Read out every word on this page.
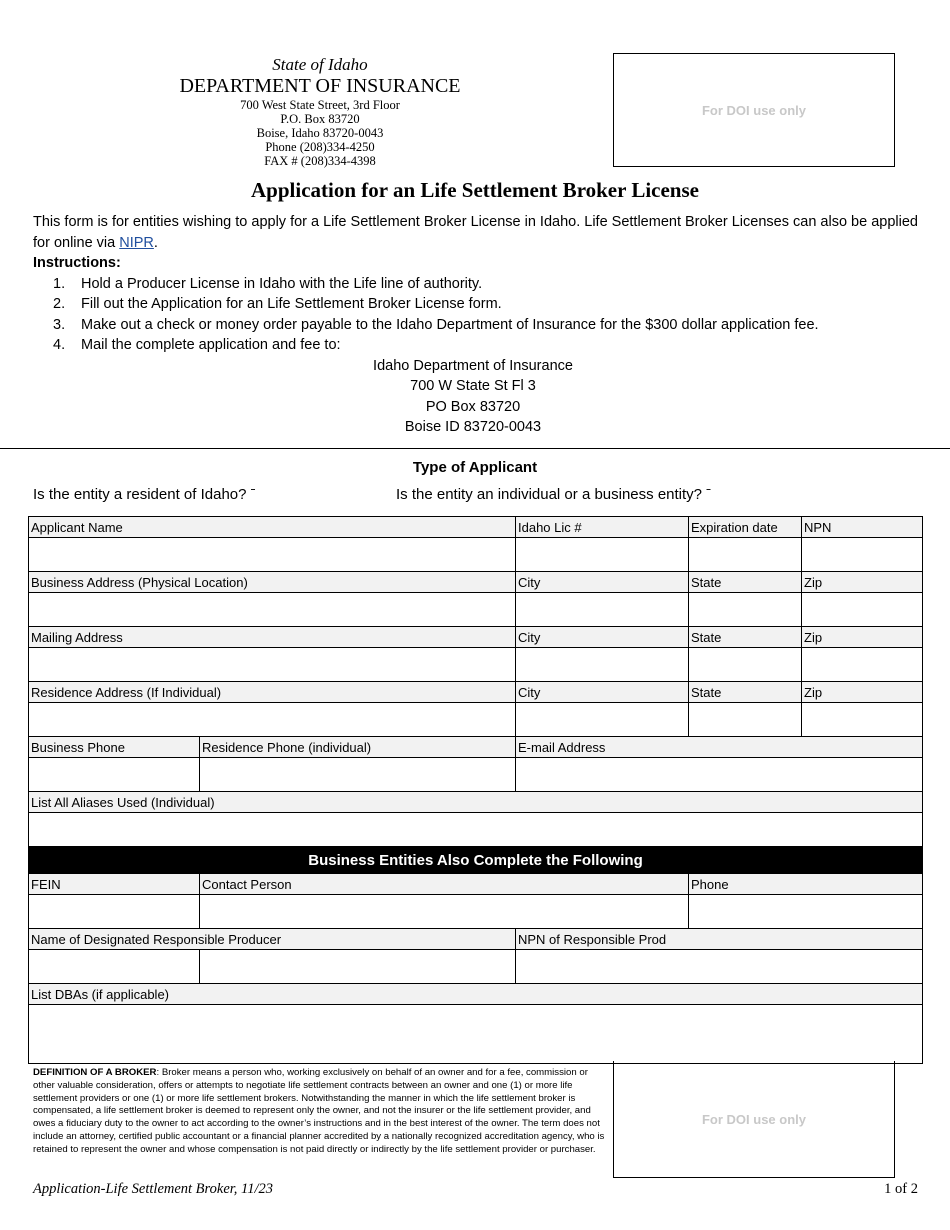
State of Idaho
DEPARTMENT OF INSURANCE
700 West State Street, 3rd Floor
P.O. Box 83720
Boise, Idaho 83720-0043
Phone (208)334-4250
FAX # (208)334-4398
For DOI use only
Application for an Life Settlement Broker License
This form is for entities wishing to apply for a Life Settlement Broker License in Idaho. Life Settlement Broker Licenses can also be applied for online via NIPR.
Instructions:
1. Hold a Producer License in Idaho with the Life line of authority.
2. Fill out the Application for an Life Settlement Broker License form.
3. Make out a check or money order payable to the Idaho Department of Insurance for the $300 dollar application fee.
4. Mail the complete application and fee to:
Idaho Department of Insurance
700 W State St Fl 3
PO Box 83720
Boise ID 83720-0043
Type of Applicant
Is the entity a resident of Idaho? ˉ	Is the entity an individual or a business entity? ˉ
Applicant Name		Idaho Lic #	Expiration date	NPN

Business Address (Physical Location)		City	State	Zip

Mailing Address		City	State	Zip

Residence Address (If Individual)		City	State	Zip

Business Phone	Residence Phone (individual)	E-mail Address		

List All Aliases Used (Individual)				

Business Entities Also Complete the Following				
FEIN	Contact Person		Phone	

Name of Designated Responsible Producer		NPN of Responsible Prod		

List DBAs (if applicable)				

DEFINITION OF A BROKER: Broker means a person who, working exclusively on behalf of an owner and for a fee, commission or other valuable consideration, offers or attempts to negotiate life settlement contracts between an owner and one (1) or more life settlement providers or one (1) or more life settlement brokers. Notwithstanding the manner in which the life settlement broker is compensated, a life settlement broker is deemed to represent only the owner, and not the insurer or the life settlement provider, and owes a fiduciary duty to the owner to act according to the owner’s instructions and in the best interest of the owner. The term does not include an attorney, certified public accountant or a financial planner accredited by a nationally recognized accreditation agency, who is retained to represent the owner and whose compensation is not paid directly or indirectly by the life settlement provider or purchaser.
For DOI use only
Application-Life Settlement Broker, 11/23	1 of 2
